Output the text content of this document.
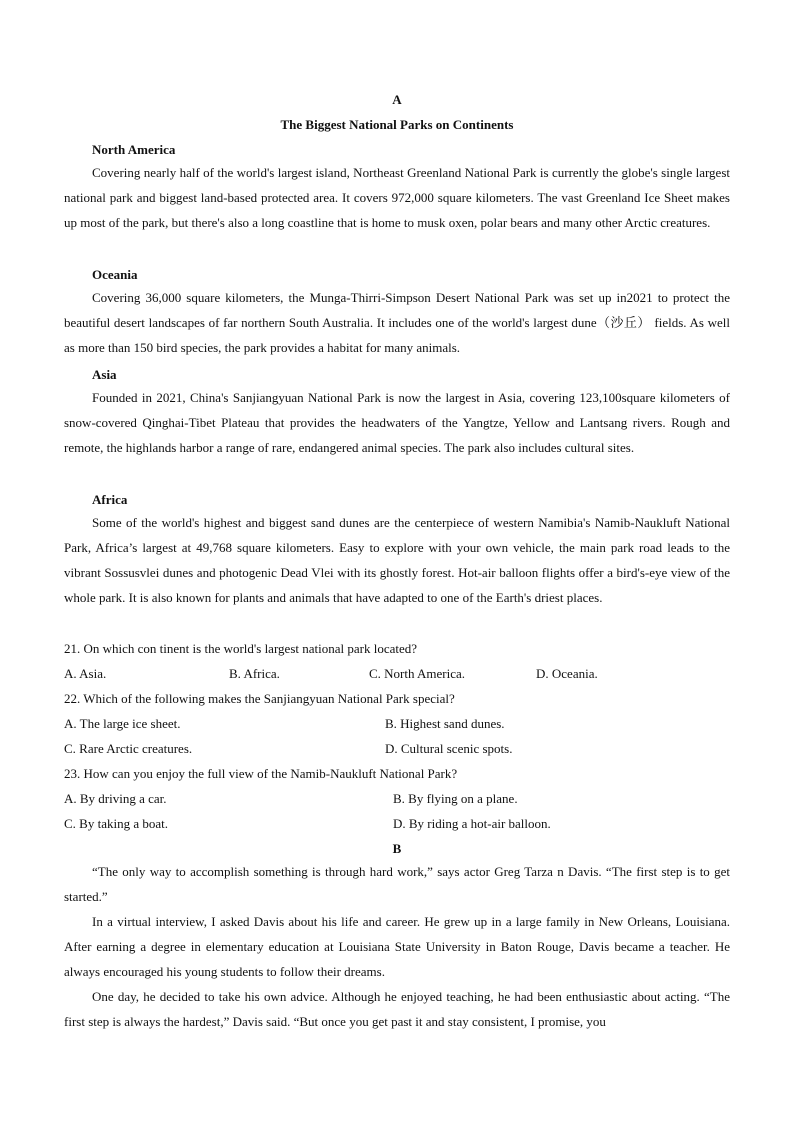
A
The Biggest National Parks on Continents
North America

Covering nearly half of the world's largest island, Northeast Greenland National Park is currently the globe's single largest national park and biggest land-based protected area. It covers 972,000 square kilometers. The vast Greenland Ice Sheet makes up most of the park, but there's also a long coastline that is home to musk oxen, polar bears and many other Arctic creatures.

Oceania

Covering 36,000 square kilometers, the Munga-Thirri-Simpson Desert National Park was set up in2021 to protect the beautiful desert landscapes of far northern South Australia. It includes one of the world's largest dune（沙丘） fields. As well as more than 150 bird species, the park provides a habitat for many animals.

Asia

Founded in 2021, China's Sanjiangyuan National Park is now the largest in Asia, covering 123,100square kilometers of snow-covered Qinghai-Tibet Plateau that provides the headwaters of the Yangtze, Yellow and Lantsang rivers. Rough and remote, the highlands harbor a range of rare, endangered animal species. The park also includes cultural sites.

Africa

Some of the world's highest and biggest sand dunes are the centerpiece of western Namibia's Namib-Naukluft National Park, Africa’s largest at 49,768 square kilometers. Easy to explore with your own vehicle, the main park road leads to the vibrant Sossusvlei dunes and photogenic Dead Vlei with its ghostly forest. Hot-air balloon flights offer a bird's-eye view of the whole park. It is also known for plants and animals that have adapted to one of the Earth's driest places.

21. On which con tinent is the world's largest national park located?
A. Asia.	B. Africa.	C. North America.	D. Oceania.
22. Which of the following makes the Sanjiangyuan National Park special?
A. The large ice sheet.	B. Highest sand dunes.
C. Rare Arctic creatures.	D. Cultural scenic spots.
23. How can you enjoy the full view of the Namib-Naukluft National Park?
A. By driving a car.	B. By flying on a plane.
C. By taking a boat.	D. By riding a hot-air balloon.
B

“The only way to accomplish something is through hard work,” says actor Greg Tarza n Davis. “The first step is to get started.”

In a virtual interview, I asked Davis about his life and career. He grew up in a large family in New Orleans, Louisiana. After earning a degree in elementary education at Louisiana State University in Baton Rouge, Davis became a teacher. He always encouraged his young students to follow their dreams.

One day, he decided to take his own advice. Although he enjoyed teaching, he had been enthusiastic about acting. “The first step is always the hardest,” Davis said. “But once you get past it and stay consistent, I promise, you
